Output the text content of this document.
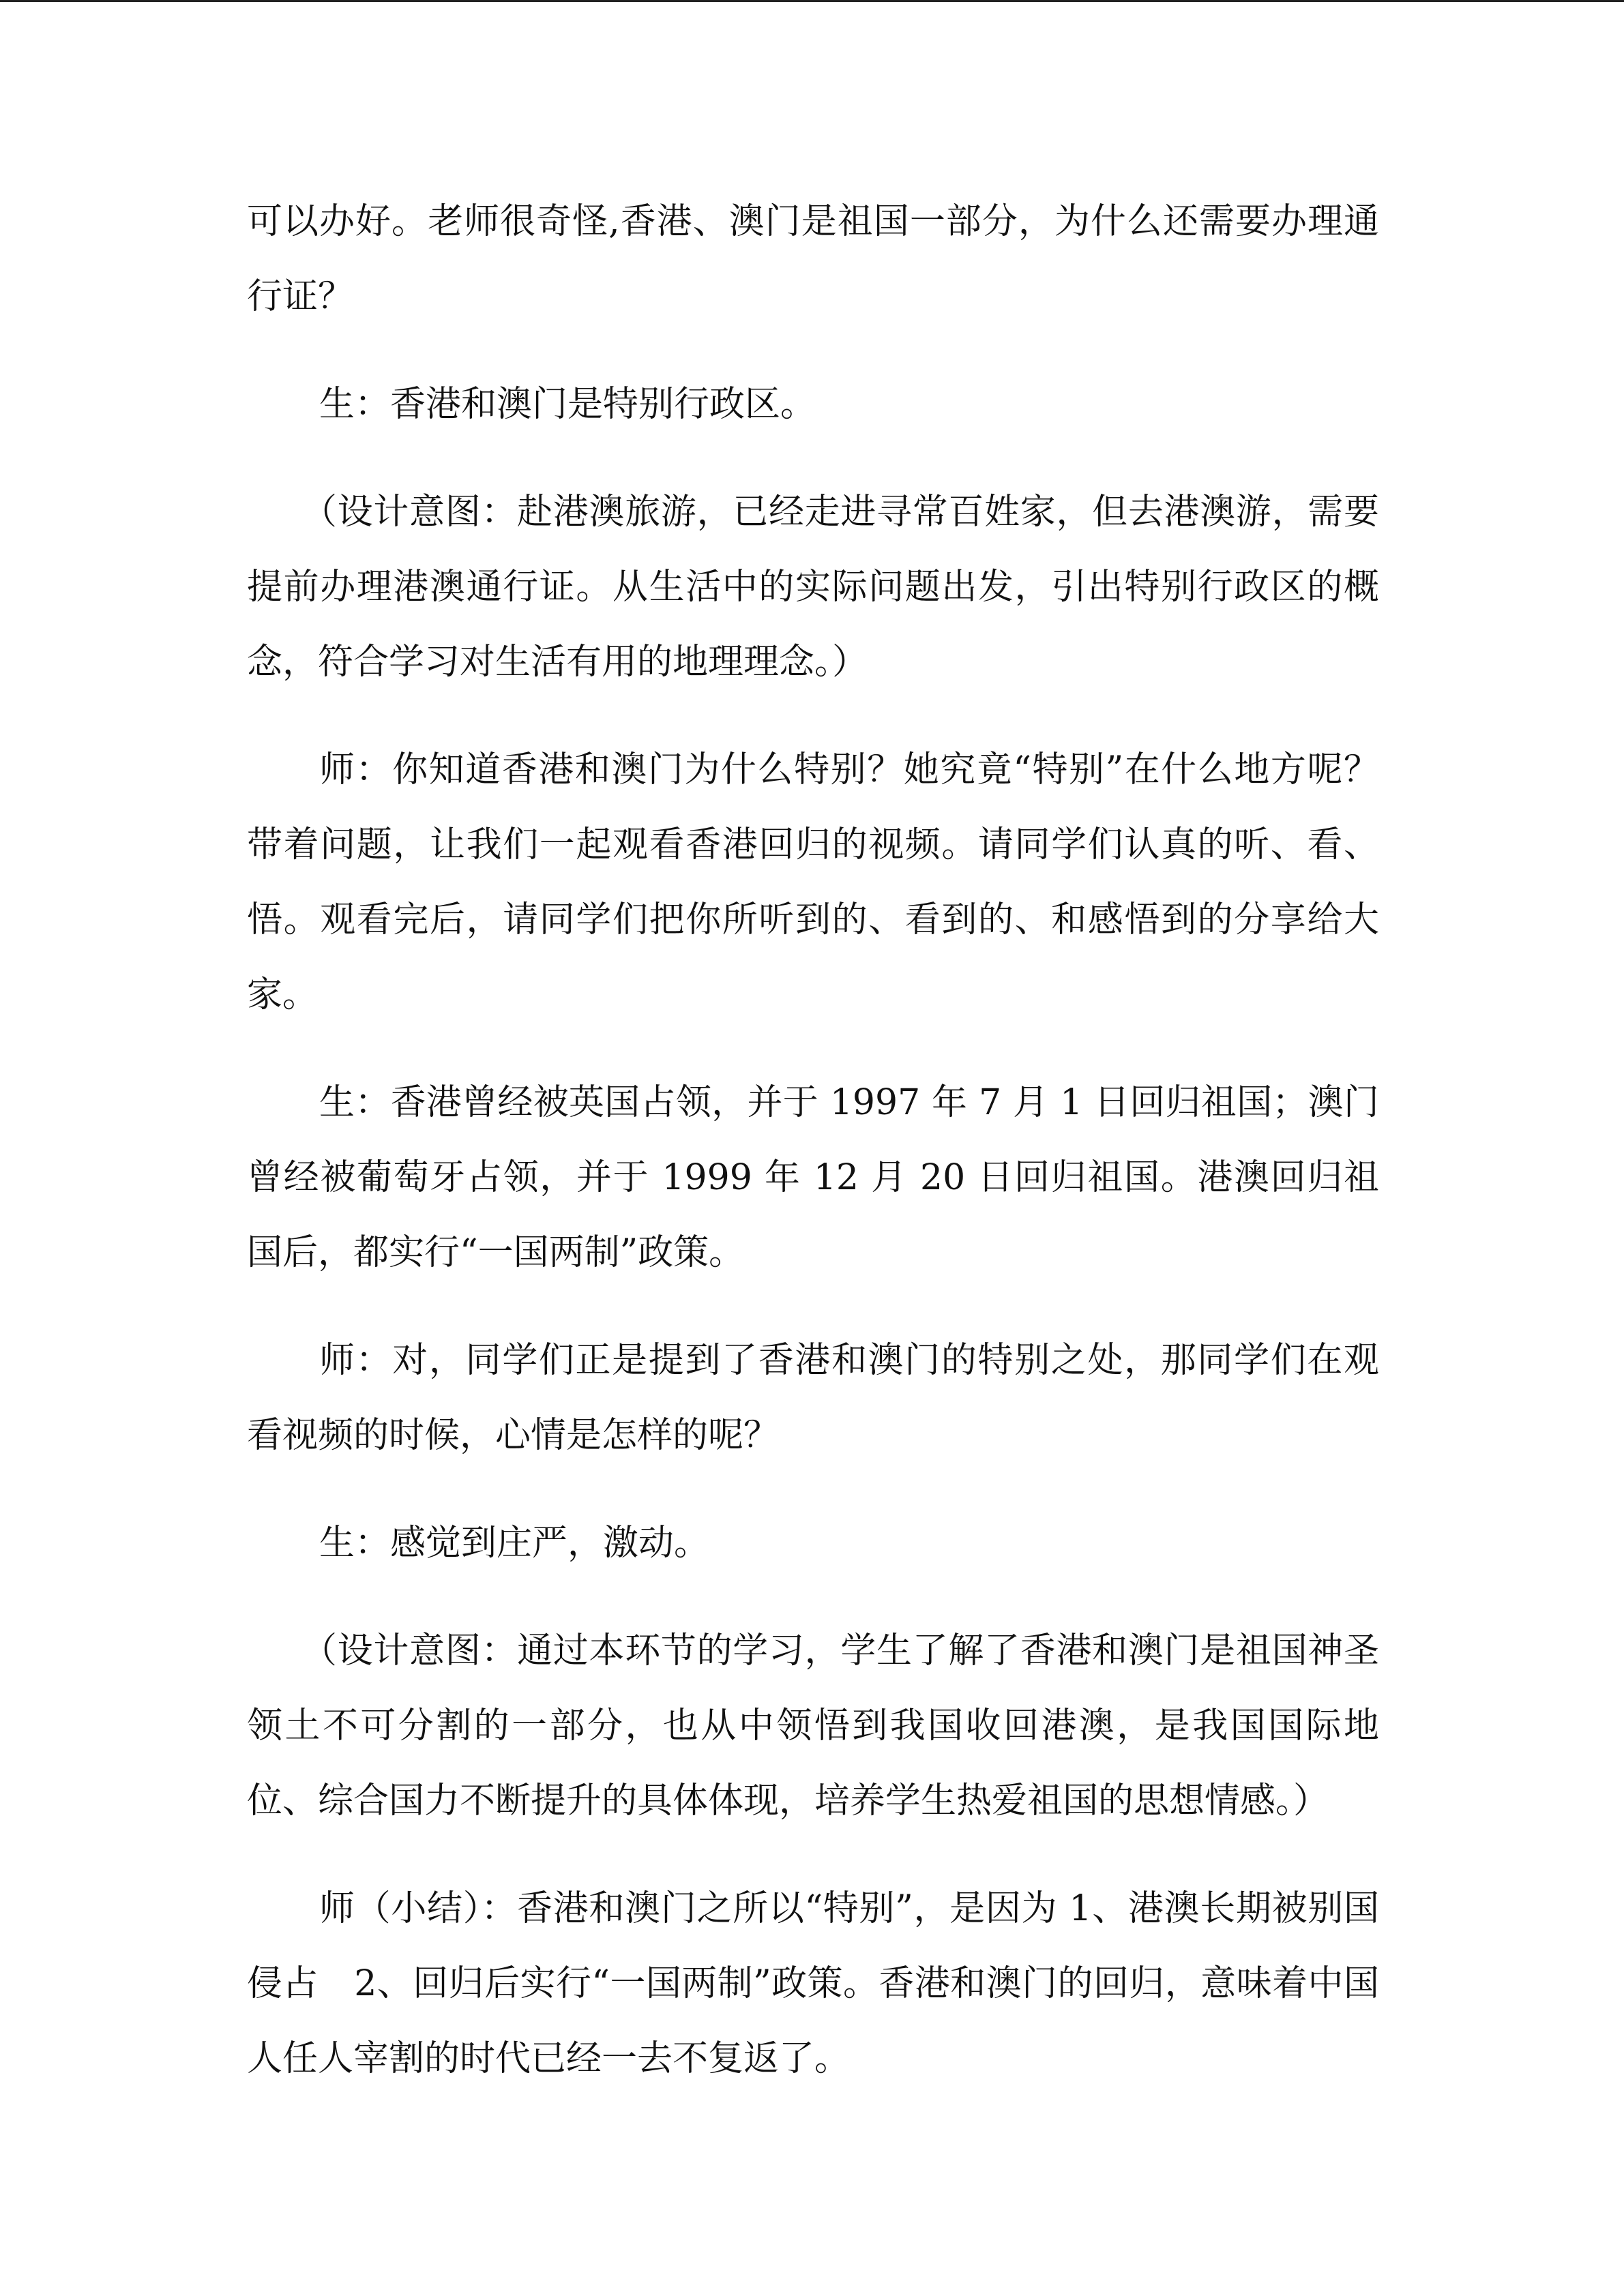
可以办好。老师很奇怪,香港、澳门是祖国一部分，为什么还需要办理通行证？

生：香港和澳门是特别行政区。

（设计意图：赴港澳旅游，已经走进寻常百姓家，但去港澳游，需要提前办理港澳通行证。从生活中的实际问题出发，引出特别行政区的概念，符合学习对生活有用的地理理念。）

师：你知道香港和澳门为什么特别？她究竟“特别”在什么地方呢？带着问题，让我们一起观看香港回归的视频。请同学们认真的听、看、悟。观看完后，请同学们把你所听到的、看到的、和感悟到的分享给大家。

生：香港曾经被英国占领，并于 1997 年 7 月 1 日回归祖国；澳门曾经被葡萄牙占领，并于 1999 年 12 月 20 日回归祖国。港澳回归祖国后，都实行“一国两制”政策。

师：对，同学们正是提到了香港和澳门的特别之处，那同学们在观看视频的时候，心情是怎样的呢？

生：感觉到庄严，激动。

（设计意图：通过本环节的学习，学生了解了香港和澳门是祖国神圣领土不可分割的一部分，也从中领悟到我国收回港澳，是我国国际地位、综合国力不断提升的具体体现，培养学生热爱祖国的思想情感。）

师（小结）：香港和澳门之所以“特别”，是因为 1、港澳长期被别国侵占　2、回归后实行“一国两制”政策。香港和澳门的回归，意味着中国人任人宰割的时代已经一去不复返了。
